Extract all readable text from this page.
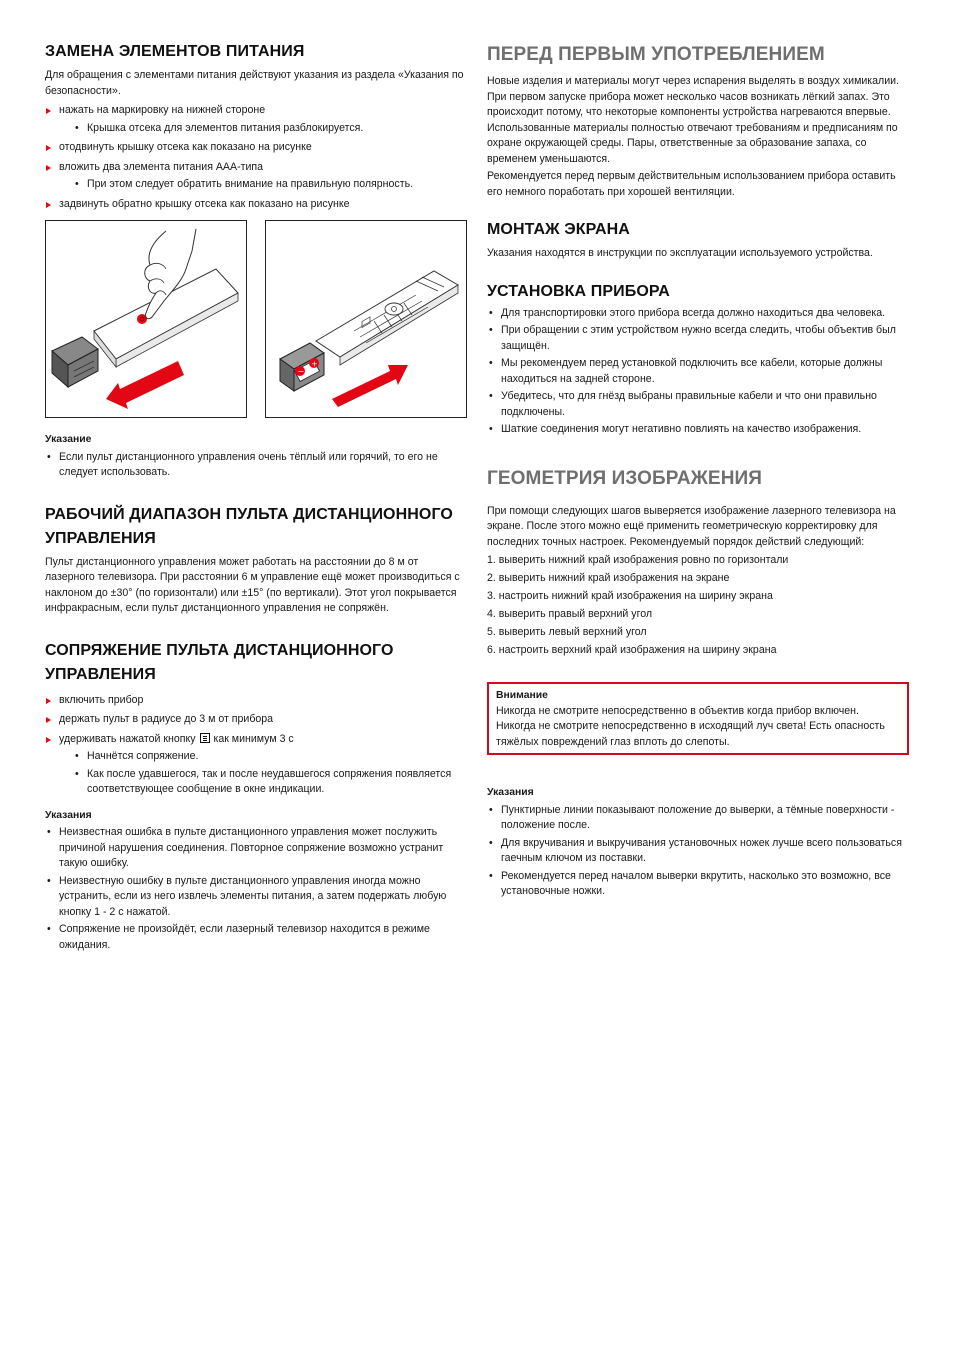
ЗАМЕНА ЭЛЕМЕНТОВ ПИТАНИЯ

Для обращения с элементами питания действуют указания из раздела «Указания по безопасности».

нажать на маркировку на нижней стороне
• Крышка отсека для элементов питания разблокируется.
отодвинуть крышку отсека как показано на рисунке
вложить два элемента питания AAA-типа
• При этом следует обратить внимание на правильную полярность.
задвинуть обратно крышку отсека как показано на рисунке
−
+
Указание
• Если пульт дистанционного управления очень тёплый или горячий, то его не следует использовать.
РАБОЧИЙ ДИАПАЗОН ПУЛЬТА ДИСТАНЦИОННОГО УПРАВЛЕНИЯ

Пульт дистанционного управления может работать на расстоянии до 8 м от лазерного телевизора. При расстоянии 6 м управление ещё может производиться с наклоном до ±30° (по горизонтали) или ±15° (по вертикали). Этот угол покрывается инфракрасным, если пульт дистанционного управления не сопряжён.

СОПРЯЖЕНИЕ ПУЛЬТА ДИСТАНЦИОННОГО УПРАВЛЕНИЯ
включить прибор
держать пульт в радиусе до 3 м от прибора
удерживать нажатой кнопку как минимум 3 с
• Начнётся сопряжение.
• Как после удавшегося, так и после неудавшегося сопряжения появляется соответствующее сообщение в окне индикации.
Указания
• Неизвестная ошибка в пульте дистанционного управления может послужить причиной нарушения соединения. Повторное сопряжение возможно устранит такую ошибку.
• Неизвестную ошибку в пульте дистанционного управления иногда можно устранить, если из него извлечь элементы питания, а затем подержать любую кнопку 1 - 2 с нажатой.
• Сопряжение не произойдёт, если лазерный телевизор находится в режиме ожидания.
ПЕРЕД ПЕРВЫМ УПОТРЕБЛЕНИЕМ

Новые изделия и материалы могут через испарения выделять в воздух химикалии. При первом запуске прибора может несколько часов возникать лёгкий запах. Это происходит потому, что некоторые компоненты устройства нагреваются впервые. Использованные материалы полностью отвечают требованиям и предписаниям по охране окружающей среды. Пары, ответственные за образование запаха, со временем уменьшаются.

Рекомендуется перед первым действительным использованием прибора оставить его немного поработать при хорошей вентиляции.

МОНТАЖ ЭКРАНА

Указания находятся в инструкции по эксплуатации используемого устройства.

УСТАНОВКА ПРИБОРА
• Для транспортировки этого прибора всегда должно находиться два человека.
• При обращении с этим устройством нужно всегда следить, чтобы объектив был защищён.
• Мы рекомендуем перед установкой подключить все кабели, которые должны находиться на задней стороне.
• Убедитесь, что для гнёзд выбраны правильные кабели и что они правильно подключены.
• Шаткие соединения могут негативно повлиять на качество изображения.
ГЕОМЕТРИЯ ИЗОБРАЖЕНИЯ

При помощи следующих шагов выверяется изображение лазерного телевизора на экране. После этого можно ещё применить геометрическую корректировку для последних точных настроек. Рекомендуемый порядок действий следующий:

1. выверить нижний край изображения ровно по горизонтали
2. выверить нижний край изображения на экране
3. настроить нижний край изображения на ширину экрана
4. выверить правый верхний угол
5. выверить левый верхний угол
6. настроить верхний край изображения на ширину экрана
Внимание

Никогда не смотрите непосредственно в объектив когда прибор включен. Никогда не смотрите непосредственно в исходящий луч света! Есть опасность тяжёлых повреждений глаз вплоть до слепоты.

Указания
• Пунктирные линии показывают положение до выверки, а тёмные поверхности - положение после.
• Для вкручивания и выкручивания установочных ножек лучше всего пользоваться гаечным ключом из поставки.
• Рекомендуется перед началом выверки вкрутить, насколько это возможно, все установочные ножки.
